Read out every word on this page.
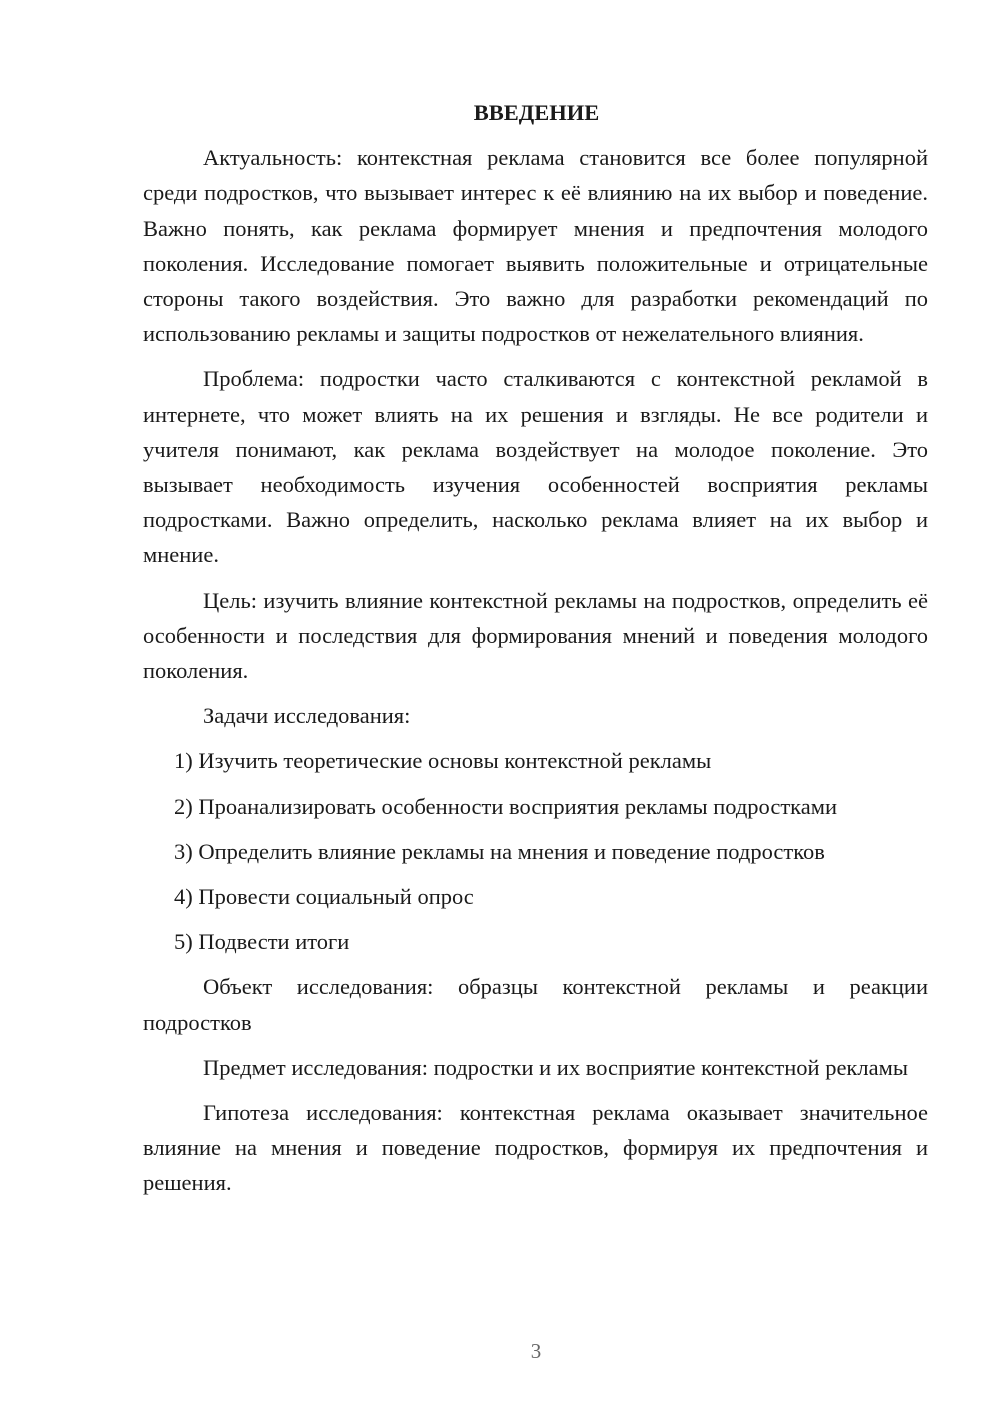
ВВЕДЕНИЕ

Актуальность: контекстная реклама становится все более популярной среди подростков, что вызывает интерес к её влиянию на их выбор и поведение. Важно понять, как реклама формирует мнения и предпочтения молодого поколения. Исследование помогает выявить положительные и отрицательные стороны такого воздействия. Это важно для разработки рекомендаций по использованию рекламы и защиты подростков от нежелательного влияния.

Проблема: подростки часто сталкиваются с контекстной рекламой в интернете, что может влиять на их решения и взгляды. Не все родители и учителя понимают, как реклама воздействует на молодое поколение. Это вызывает необходимость изучения особенностей восприятия рекламы подростками. Важно определить, насколько реклама влияет на их выбор и мнение.

Цель: изучить влияние контекстной рекламы на подростков, определить её особенности и последствия для формирования мнений и поведения молодого поколения.

Задачи исследования:

1) Изучить теоретические основы контекстной рекламы
2) Проанализировать особенности восприятия рекламы подростками
3) Определить влияние рекламы на мнения и поведение подростков
4) Провести социальный опрос
5) Подвести итоги

Объект исследования: образцы контекстной рекламы и реакции подростков

Предмет исследования: подростки и их восприятие контекстной рекламы

Гипотеза исследования: контекстная реклама оказывает значительное влияние на мнения и поведение подростков, формируя их предпочтения и решения.

3
